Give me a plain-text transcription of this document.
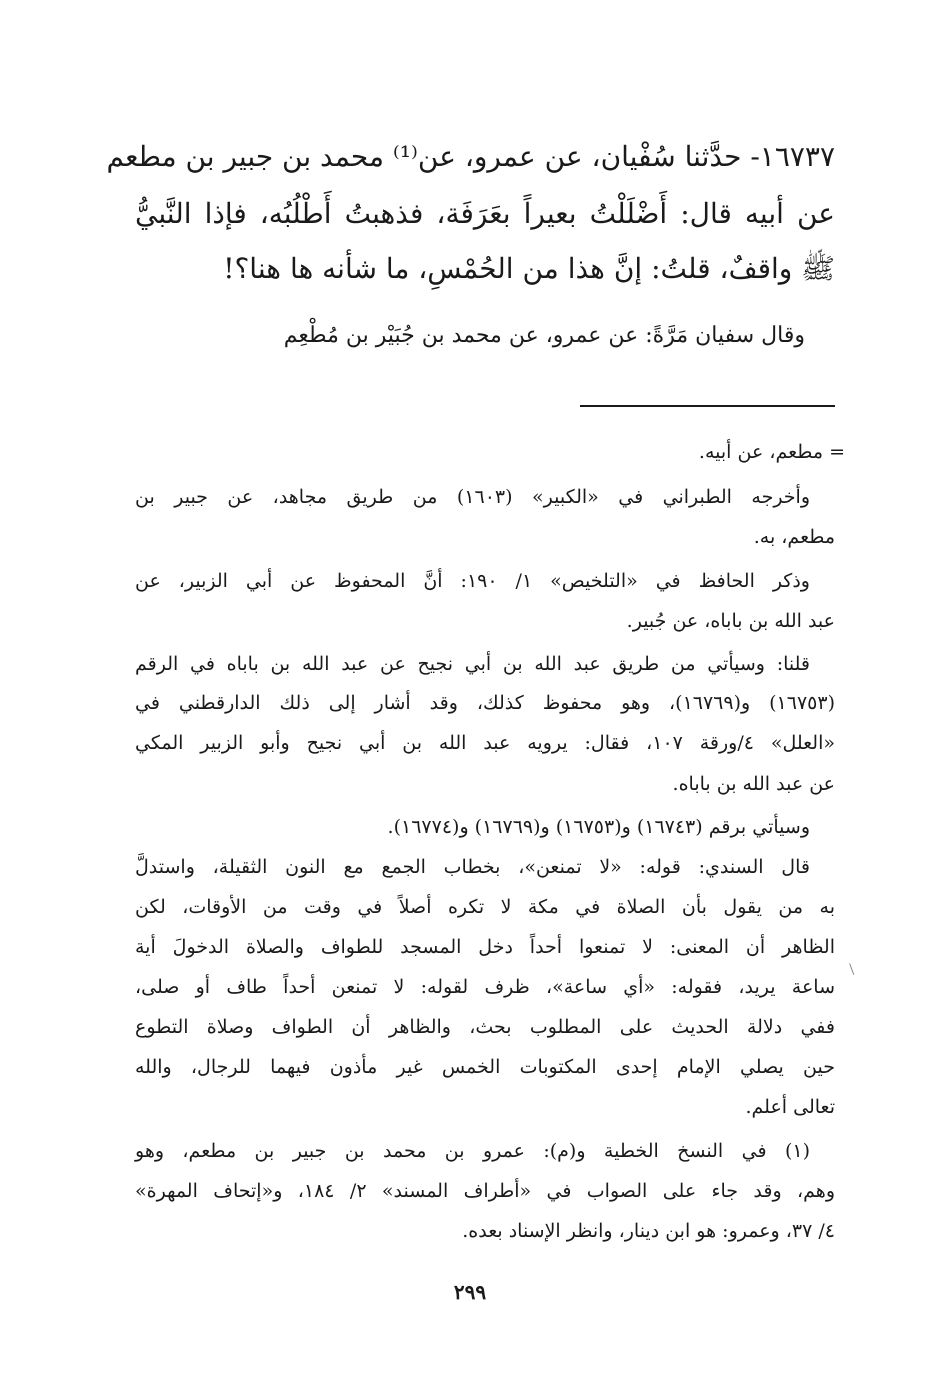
١٦٧٣٧- حدَّثنا سُفْيان، عن عمرو، عن⁽¹⁾ محمد بن جبير بن مطعم
عن أبيه قال: أَضْلَلْتُ بعيراً بعَرَفَة، فذهبتُ أَطْلُبُه، فإذا النَّبيُّ
ﷺ واقفٌ، قلتُ: إنَّ هذا من الحُمْسِ، ما شأنه ها هنا؟!
وقال سفيان مَرَّةً: عن عمرو، عن محمد بن جُبَيْر بن مُطْعِم
= مطعم، عن أبيه.
وأخرجه الطبراني في «الكبير» (١٦٠٣) من طريق مجاهد، عن جبير بن
مطعم، به.
وذكر الحافظ في «التلخيص» ١/ ١٩٠: أنَّ المحفوظ عن أبي الزبير، عن
عبد الله بن باباه، عن جُبير.
قلنا: وسيأتي من طريق عبد الله بن أبي نجيح عن عبد الله بن باباه في الرقم
(١٦٧٥٣) و(١٦٧٦٩)، وهو محفوظ كذلك، وقد أشار إلى ذلك الدارقطني في
«العلل» ٤/ورقة ١٠٧، فقال: يرويه عبد الله بن أبي نجيح وأبو الزبير المكي
عن عبد الله بن باباه.
وسيأتي برقم (١٦٧٤٣) و(١٦٧٥٣) و(١٦٧٦٩) و(١٦٧٧٤).
قال السندي: قوله: «لا تمنعن»، بخطاب الجمع مع النون الثقيلة، واستدلَّ
به من يقول بأن الصلاة في مكة لا تكره أصلاً في وقت من الأوقات، لكن
الظاهر أن المعنى: لا تمنعوا أحداً دخل المسجد للطواف والصلاة الدخولَ أية
ساعة يريد، فقوله: «أي ساعة»، ظرف لقوله: لا تمنعن أحداً طاف أو صلى،
ففي دلالة الحديث على المطلوب بحث، والظاهر أن الطواف وصلاة التطوع
حين يصلي الإمام إحدى المكتوبات الخمس غير مأذون فيهما للرجال، والله
تعالى أعلم.
(١) في النسخ الخطية و(م): عمرو بن محمد بن جبير بن مطعم، وهو
وهم، وقد جاء على الصواب في «أطراف المسند» ٢/ ١٨٤، و«إتحاف المهرة»
٤/ ٣٧، وعمرو: هو ابن دينار، وانظر الإسناد بعده.
٢٩٩
